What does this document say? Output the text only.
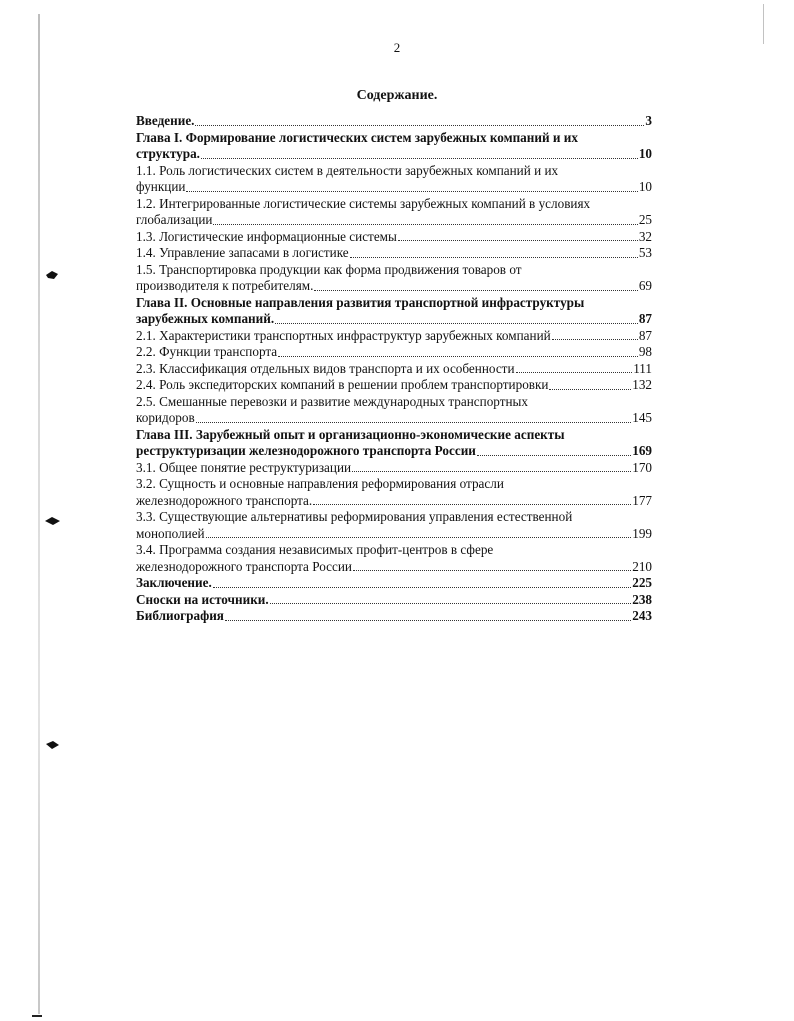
2
Содержание.
Введение.	3
Глава I. Формирование логистических систем зарубежных компаний и их
структура.	10
1.1. Роль логистических систем в деятельности зарубежных компаний и их
функции	10
1.2. Интегрированные логистические системы зарубежных компаний в условиях
глобализации	25
1.3. Логистические информационные системы	32
1.4. Управление запасами в логистике	53
1.5. Транспортировка продукции как форма продвижения товаров от
производителя к потребителям.	69
Глава II. Основные направления развития транспортной инфраструктуры
зарубежных компаний.	87
2.1. Характеристики транспортных инфраструктур зарубежных компаний	87
2.2. Функции транспорта	98
2.3. Классификация отдельных видов транспорта и их особенности	111
2.4. Роль экспедиторских компаний в решении проблем транспортировки	132
2.5. Смешанные перевозки и развитие международных транспортных
коридоров	145
Глава III. Зарубежный опыт и организационно-экономические аспекты
реструктуризации железнодорожного транспорта России	169
3.1. Общее понятие реструктуризации	170
3.2. Сущность и основные направления реформирования отрасли
железнодорожного транспорта.	177
3.3. Существующие альтернативы реформирования управления естественной
монополией	199
3.4. Программа создания независимых профит-центров в сфере
железнодорожного транспорта России	210
Заключение.	225
Сноски на источники.	238
Библиография	243
